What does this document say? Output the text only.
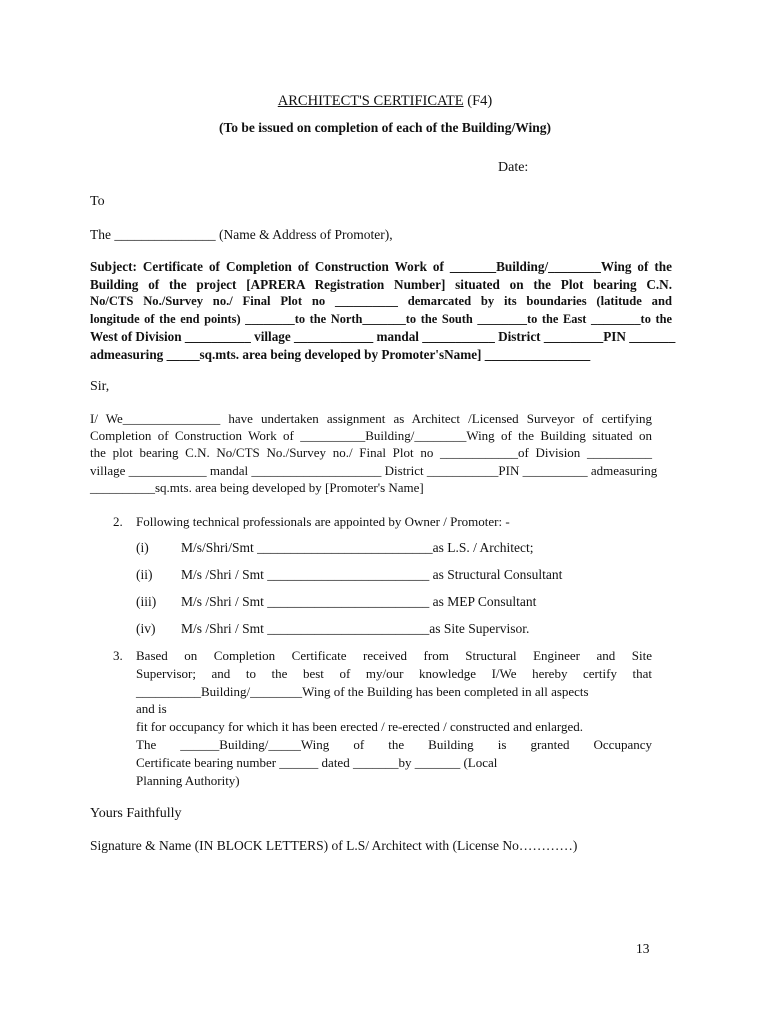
ARCHITECT'S CERTIFICATE (F4)

(To be issued on completion of each of the Building/Wing)

Date:

To

The _______________ (Name & Address of Promoter),

Subject: Certificate of Completion of Construction Work of _______Building/________Wing of the
Building of the project [APRERA Registration Number] situated on the Plot bearing C.N.
No/CTS No./Survey no./ Final Plot no __________ demarcated by its boundaries (latitude and
longitude of the end points) ________to the North_______to the South ________to the East ________to the
West of Division __________ village ____________ mandal ___________ District _________PIN _______
admeasuring _____sq.mts. area being developed by Promoter'sName] ________________

Sir,

I/ We_______________ have undertaken assignment as Architect /Licensed Surveyor of certifying
Completion of Construction Work of __________Building/________Wing of the Building situated on
the plot bearing C.N. No/CTS No./Survey no./ Final Plot no ____________of Division __________
village ____________ mandal ____________________ District ___________PIN __________ admeasuring
__________sq.mts. area being developed by [Promoter's Name]

2. Following technical professionals are appointed by Owner / Promoter: -

(i) M/s/Shri/Smt __________________________as L.S. / Architect;

(ii) M/s /Shri / Smt ________________________ as Structural Consultant

(iii) M/s /Shri / Smt ________________________ as MEP Consultant

(iv) M/s /Shri / Smt ________________________as Site Supervisor.

3. Based on Completion Certificate received from Structural Engineer and Site
Supervisor; and to the best of my/our knowledge I/We hereby certify that
__________Building/________Wing of the Building has been completed in all aspects
and is
fit for occupancy for which it has been erected / re-erected / constructed and enlarged.
The ______Building/_____Wing of the Building is granted Occupancy
Certificate bearing number ______ dated _______by _______ (Local
Planning Authority)

Yours Faithfully

Signature & Name (IN BLOCK LETTERS) of L.S/ Architect with (License No…………)

13
